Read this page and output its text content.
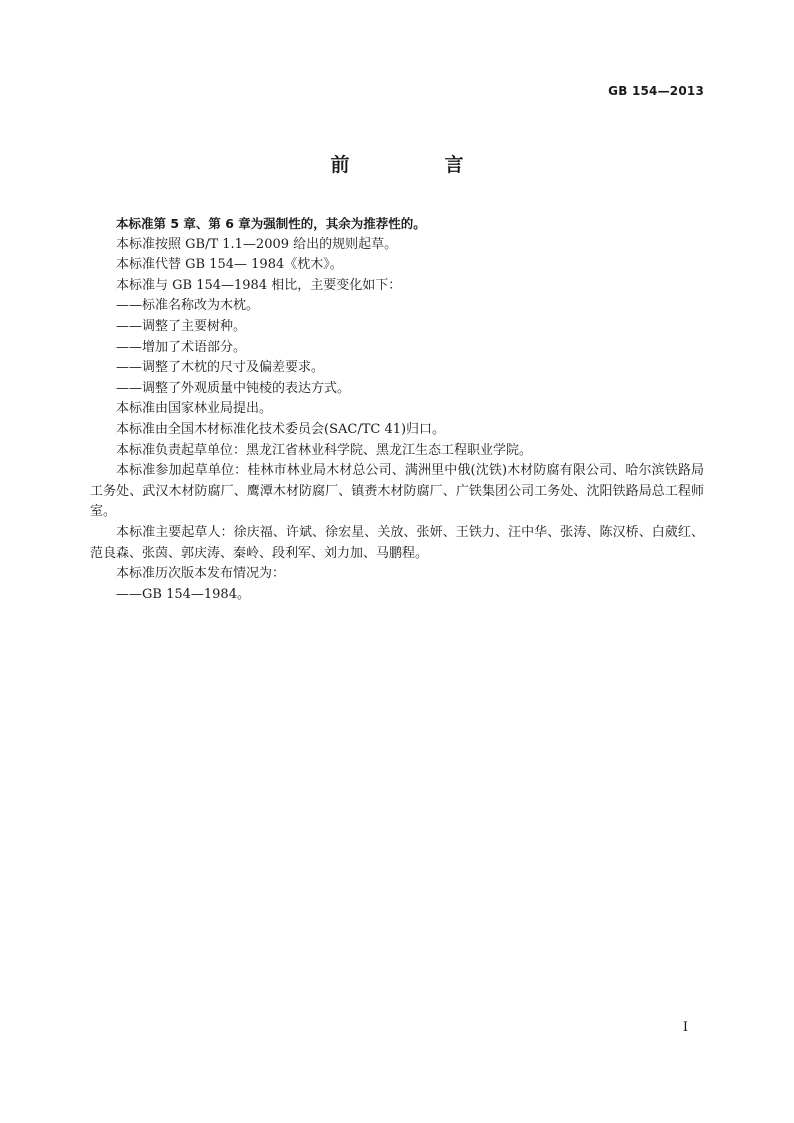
GB 154—2013
前　言

本标准第 5 章、第 6 章为强制性的，其余为推荐性的。

本标准按照 GB/T 1.1—2009 给出的规则起草。

本标准代替 GB 154— 1984《枕木》。

本标准与 GB 154—1984 相比，主要变化如下：

——标准名称改为木枕。

——调整了主要树种。

——增加了术语部分。

——调整了木枕的尺寸及偏差要求。

——调整了外观质量中钝棱的表达方式。

本标准由国家林业局提出。

本标准由全国木材标准化技术委员会(SAC/TC 41)归口。

本标准负责起草单位：黑龙江省林业科学院、黑龙江生态工程职业学院。

本标准参加起草单位：桂林市林业局木材总公司、满洲里中俄(沈铁)木材防腐有限公司、哈尔滨铁路局工务处、武汉木材防腐厂、鹰潭木材防腐厂、镇赉木材防腐厂、广铁集团公司工务处、沈阳铁路局总工程师室。

本标准主要起草人：徐庆福、许斌、徐宏星、关放、张妍、王铁力、汪中华、张涛、陈汉桥、白葳红、范良森、张茵、郭庆涛、秦岭、段利军、刘力加、马鹏程。

本标准历次版本发布情况为：

——GB 154—1984。

I
